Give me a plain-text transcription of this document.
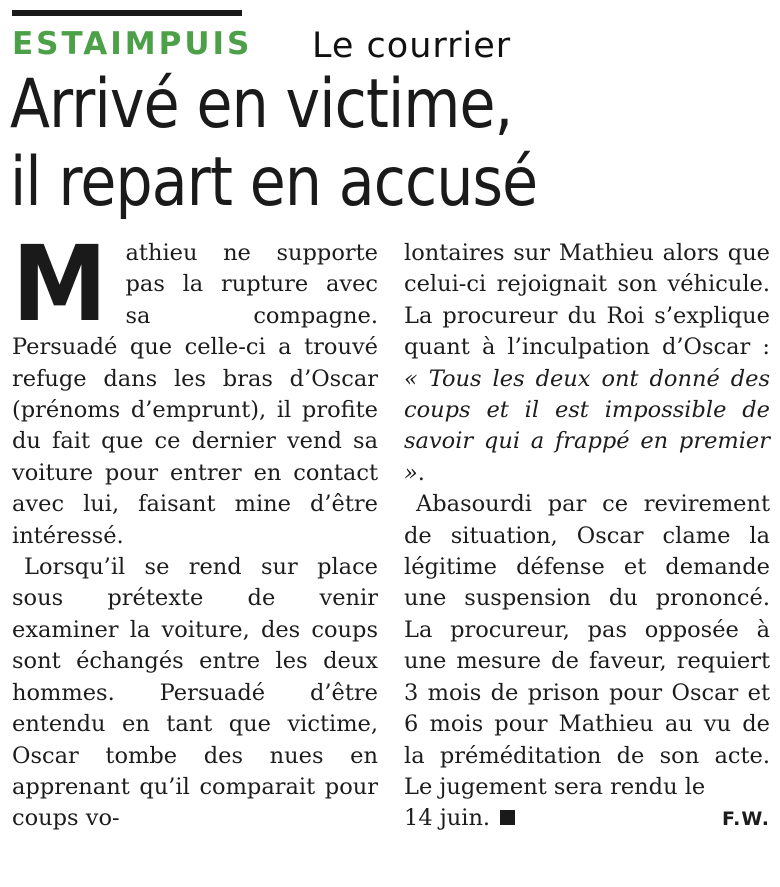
ESTAIMPUIS Le courrier
Arrivé en victime,
il repart en accusé

M athieu ne supporte pas la rupture avec sa compagne. Persuadé que celle-ci a trouvé refuge dans les bras d’Oscar (prénoms d’emprunt), il profite du fait que ce dernier vend sa voiture pour entrer en contact avec lui, faisant mine d’être intéressé.

Lorsqu’il se rend sur place sous prétexte de venir examiner la voiture, des coups sont échangés entre les deux hommes. Persuadé d’être entendu en tant que victime, Oscar tombe des nues en apprenant qu’il comparait pour coups vo-

lontaires sur Mathieu alors que celui-ci rejoignait son véhicule. La procureur du Roi s’explique quant à l’inculpation d’Oscar : « Tous les deux ont donné des coups et il est impossible de savoir qui a frappé en premier ».

Abasourdi par ce revirement de situation, Oscar clame la légitime défense et demande une suspension du prononcé. La procureur, pas opposée à une mesure de faveur, requiert 3 mois de prison pour Oscar et 6 mois pour Mathieu au vu de la préméditation de son acte. Le jugement sera rendu le

14 juin.	F.W.
